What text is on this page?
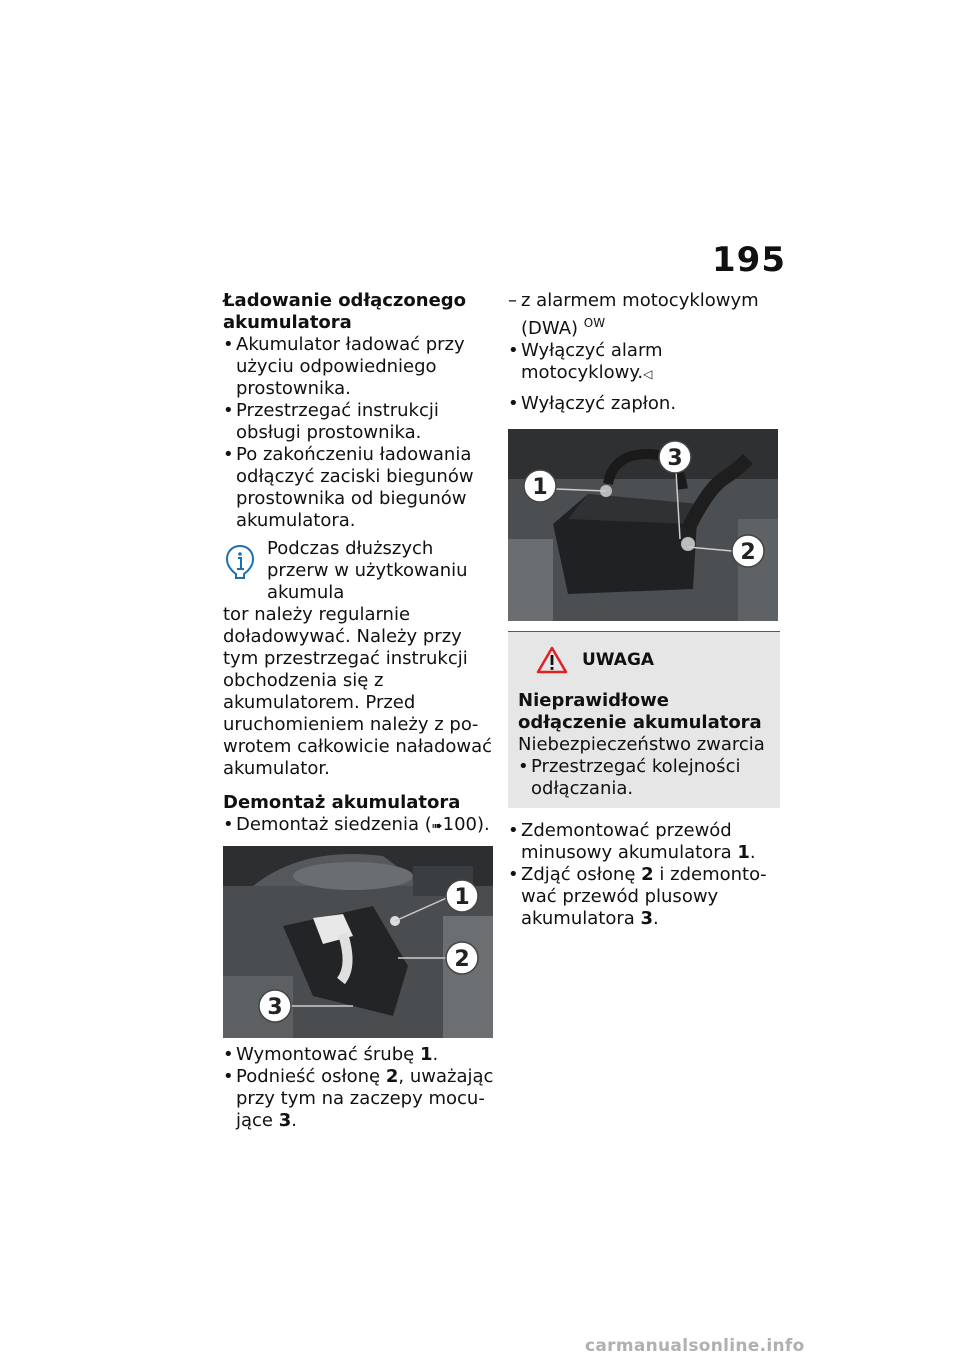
195

Ładowanie odłączonego akumulatora

• Akumulator ładować przy użyciu odpowiedniego prostownika.

• Przestrzegać instrukcji obsługi prostownika.

• Po zakończeniu ładowania odłączyć zaciski biegunów prostownika od biegunów akumulatora.

Podczas dłuższych przerw w użytkowaniu akumula

tor należy regularnie doładowywać. Należy przy tym przestrzegać instrukcji obchodzenia się z akumulatorem. Przed uruchomieniem należy z powrotem całkowicie naładować akumulator.

Demontaż akumulatora

• Demontaż siedzenia (➠100).

1
2
3

• Wymontować śrubę 1.

• Podnieść osłonę 2, uważając przy tym na zaczepy mocujące 3.

– z alarmem motocyklowym (DWA) $^{OW}$

• Wyłączyć alarm motocyklowy.◁

• Wyłączyć zapłon.

1
2
3
UWAGA

Nieprawidłowe odłączenie akumulatora

Niebezpieczeństwo zwarcia

• Przestrzegać kolejności odłączania.

• Zdemontować przewód minusowy akumulatora 1.

• Zdjąć osłonę 2 i zdemontować przewód plusowy akumulatora 3.

carmanualsonline.info
